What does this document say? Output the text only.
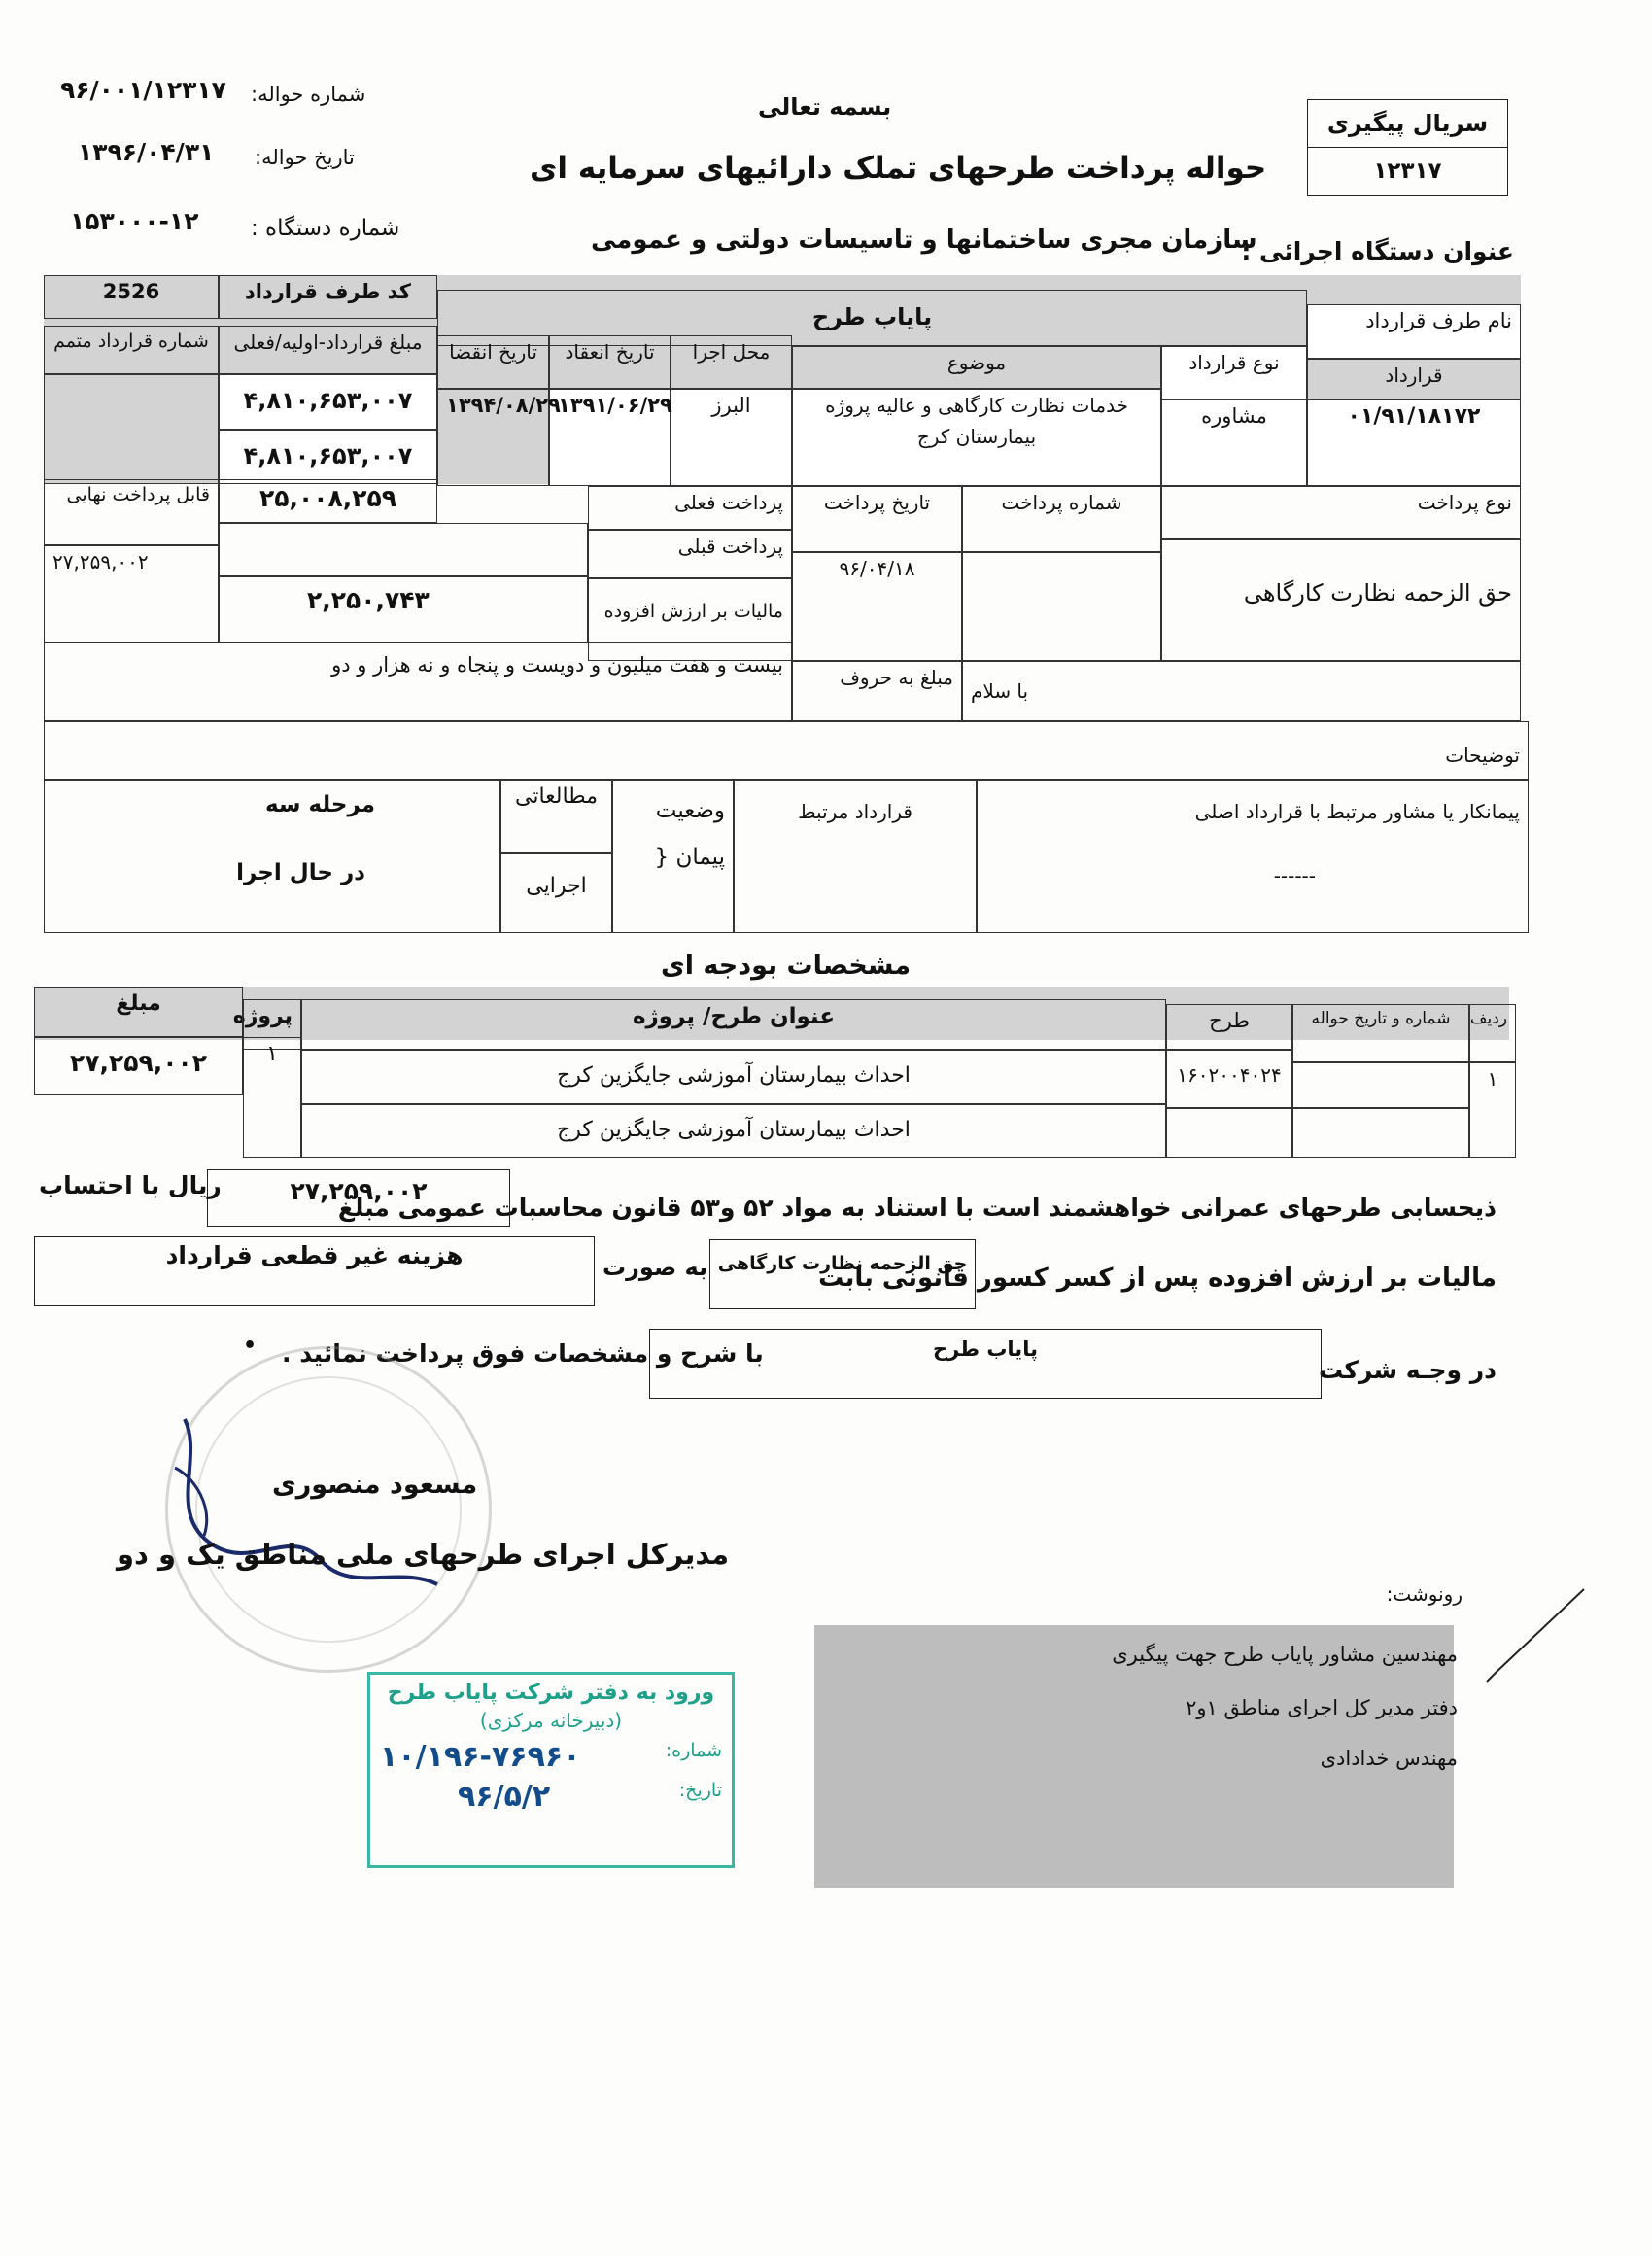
بسمه تعالی
حواله پرداخت طرحهای تملک دارائیهای سرمایه ای
سازمان مجری ساختمانها و تاسیسات دولتی و عمومی
عنوان دستگاه اجرائی :
سریال پیگیری
۱۲۳۱۷
شماره حواله:
۹۶/۰۰۱/۱۲۳۱۷
تاریخ حواله:
۱۳۹۶/۰۴/۳۱
شماره دستگاه :
۱۵۳۰۰۰-۱۲
نام طرف قرارداد
پایاب طرح
کد طرف قرارداد
2526
قرارداد
نوع قرارداد
موضوع
محل اجرا
تاریخ انعقاد
تاریخ انقضا
مبلغ قرارداد-اولیه/فعلی
شماره قرارداد متمم
۰۱/۹۱/۱۸۱۷۲
مشاوره
خدمات نظارت کارگاهی و عالیه پروژه
بیمارستان کرج
البرز
۱۳۹۱/۰۶/۲۹
۱۳۹۴/۰۸/۲۹
۴,۸۱۰,۶۵۳,۰۰۷
۴,۸۱۰,۶۵۳,۰۰۷
نوع پرداخت
شماره پرداخت
تاریخ پرداخت
پرداخت فعلی
۲۵,۰۰۸,۲۵۹
قابل پرداخت نهایی
پرداخت قبلی
۹۶/۰۴/۱۸
۲۷,۲۵۹,۰۰۲
حق الزحمه نظارت کارگاهی
مالیات بر ارزش افزوده
۲,۲۵۰,۷۴۳
با سلام
مبلغ به حروف
بیست و هفت میلیون و دویست و پنجاه و نه هزار و دو
توضیحات
پیمانکار یا مشاور مرتبط با قرارداد اصلی
------
قرارداد مرتبط
وضعیت
پیمان {
مطالعاتی
اجرایی
مرحله سه
در حال اجرا
مشخصات بودجه ای
ردیف
شماره و تاریخ حواله
طرح
عنوان طرح/ پروژه
پروژه
مبلغ
۱
۱۶۰۲۰۰۴۰۲۴
احداث بیمارستان آموزشی جایگزین کرج
احداث بیمارستان آموزشی جایگزین کرج
۱
۲۷,۲۵۹,۰۰۲
ذیحسابی طرحهای عمرانی خواهشمند است با استناد به مواد ۵۲ و۵۳ قانون محاسبات عمومی مبلغ
۲۷,۲۵۹,۰۰۲
ریال با احتساب
مالیات بر ارزش افزوده پس از کسر کسور قانونی بابت
حق الزحمه نظارت کارگاهی
به صورت
هزینه غیر قطعی قرارداد
در وجـه شرکت
پایاب طرح
با شرح و مشخصات فوق پرداخت نمائید .
•
مسعود منصوری
مدیرکل اجرای طرحهای ملی مناطق یک و دو
رونوشت:
مهندسین مشاور پایاب طرح جهت پیگیری
دفتر مدیر کل اجرای مناطق ۱و۲
مهندس خدادادی
ورود به دفتر شرکت پایاب طرح
(دبیرخانه مرکزی)
شماره:
۱۰/۱۹۶-۷۶۹۶۰
تاریخ:
۹۶/۵/۲
